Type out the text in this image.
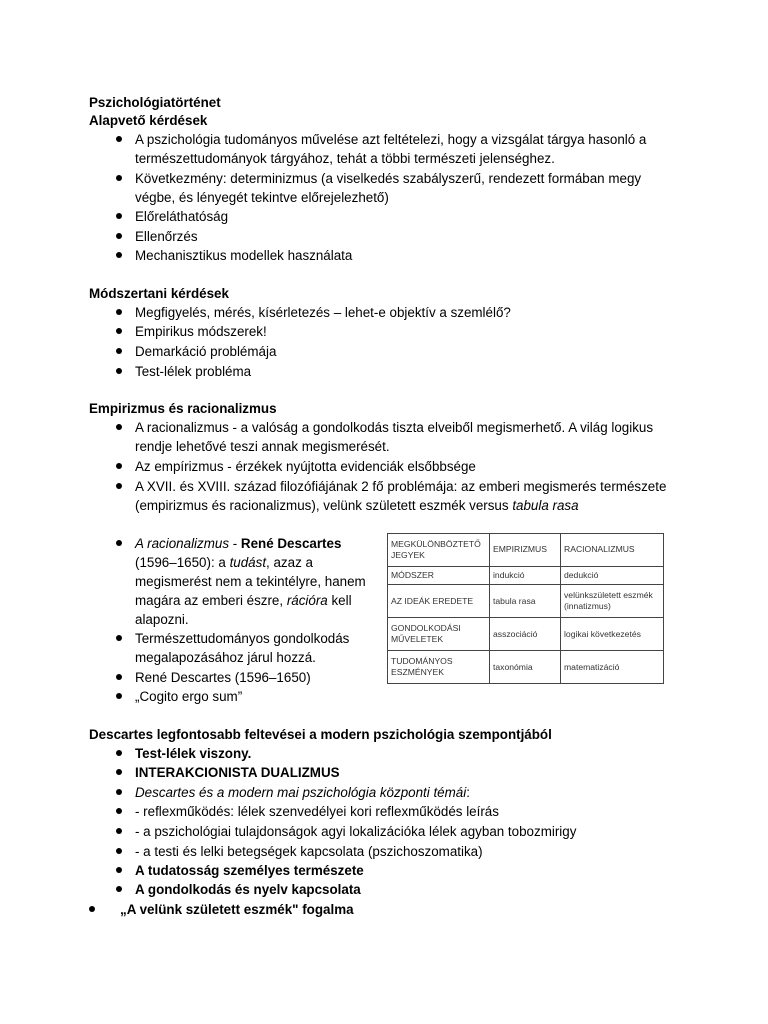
Pszichológiatörténet
Alapvető kérdések
A pszichológia tudományos művelése azt feltételezi, hogy a vizsgálat tárgya hasonló a
természettudományok tárgyához, tehát a többi természeti jelenséghez.
Következmény: determinizmus (a viselkedés szabályszerű, rendezett formában megy
végbe, és lényegét tekintve előrejelezhető)
Előreláthatóság
Ellenőrzés
Mechanisztikus modellek használata
Módszertani kérdések
Megfigyelés, mérés, kísérletezés – lehet-e objektív a szemlélő?
Empirikus módszerek!
Demarkáció problémája
Test-lélek probléma
Empirizmus és racionalizmus
A racionalizmus - a valóság a gondolkodás tiszta elveiből megismerhető. A világ logikus
rendje lehetővé teszi annak megismerését.
Az empírizmus - érzékek nyújtotta evidenciák elsőbbsége
A XVII. és XVIII. század filozófiájának 2 fő problémája: az emberi megismerés természete
(empirizmus és racionalizmus), velünk született eszmék versus tabula rasa
A racionalizmus - René Descartes
(1596–1650): a tudást, azaz a
megismerést nem a tekintélyre, hanem
magára az emberi észre, rációra kell
alapozni.
Természettudományos gondolkodás
megalapozásához járul hozzá.
René Descartes (1596–1650)
„Cogito ergo sum”
MEGKÜLÖNBÖZTETŐ JEGYEK	EMPIRIZMUS	RACIONALIZMUS
MÓDSZER	indukció	dedukció
AZ IDEÁK EREDETE	tabula rasa	velünkszületett eszmék (innatizmus)
GONDOLKODÁSI MŰVELETEK	asszociáció	logikai következetés
TUDOMÁNYOS ESZMÉNYEK	taxonómia	matematizáció
Descartes legfontosabb feltevései a modern pszichológia szempontjából
Test-lélek viszony.
INTERAKCIONISTA DUALIZMUS
Descartes és a modern mai pszichológia központi témái:
- reflexműködés: lélek szenvedélyei kori reflexműködés leírás
- a pszichológiai tulajdonságok agyi lokalizációka lélek agyban tobozmirigy
- a testi és lelki betegségek kapcsolata (pszichoszomatika)
A tudatosság személyes természete
A gondolkodás és nyelv kapcsolata
„A velünk született eszmék" fogalma
